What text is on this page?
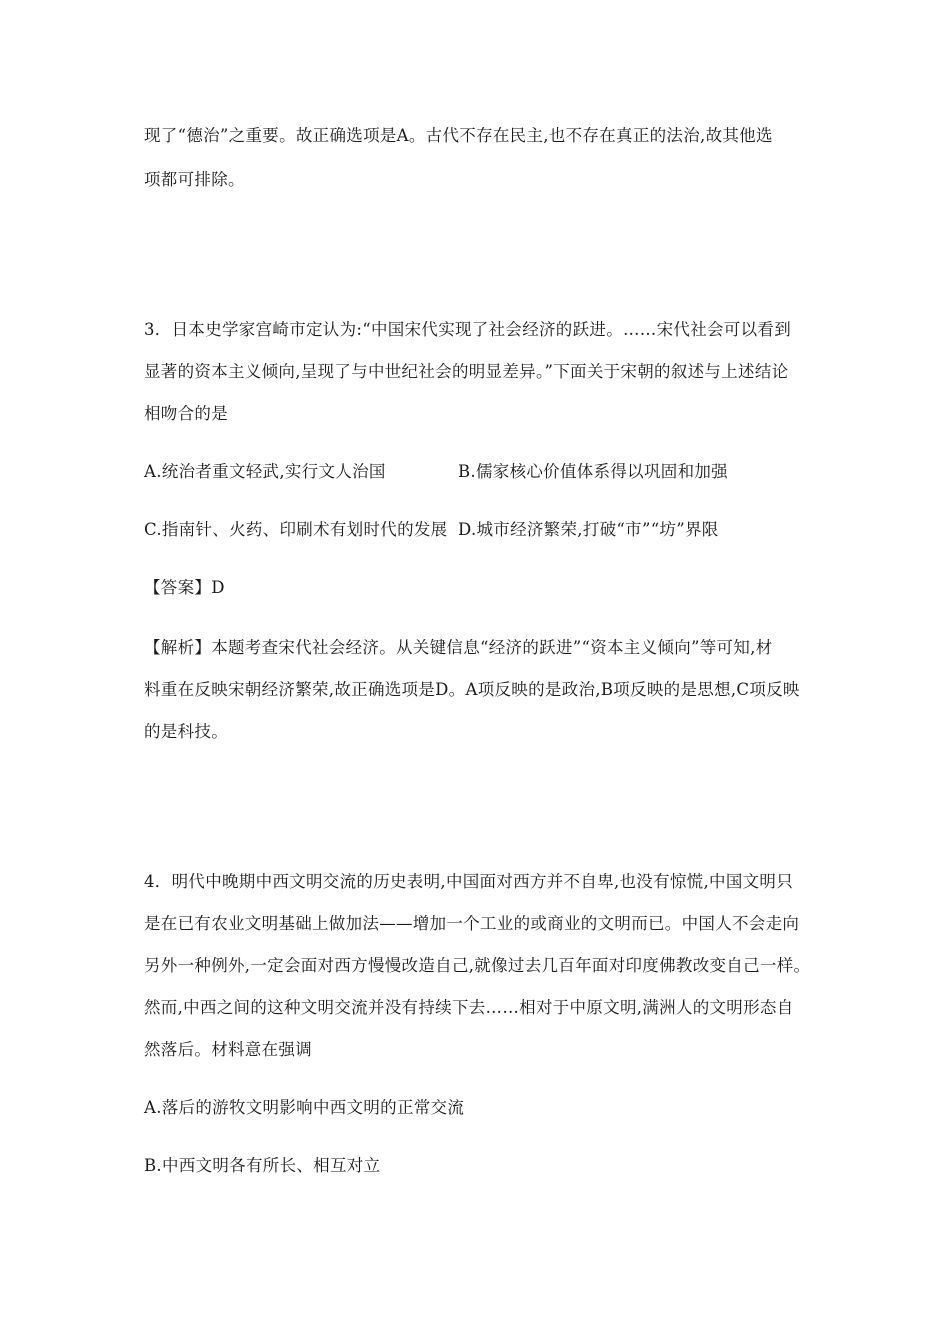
现了“德治”之重要。故正确选项是A。古代不存在民主,也不存在真正的法治,故其他选
项都可排除。
3．日本史学家宫崎市定认为:“中国宋代实现了社会经济的跃进。……宋代社会可以看到
显著的资本主义倾向,呈现了与中世纪社会的明显差异。”下面关于宋朝的叙述与上述结论
相吻合的是
A.统治者重文轻武,实行文人治国	B.儒家核心价值体系得以巩固和加强
C.指南针、火药、印刷术有划时代的发展 D.城市经济繁荣,打破“市”“坊”界限
【答案】D
【解析】本题考查宋代社会经济。从关键信息“经济的跃进”“资本主义倾向”等可知,材
料重在反映宋朝经济繁荣,故正确选项是D。A项反映的是政治,B项反映的是思想,C项反映
的是科技。
4．明代中晚期中西文明交流的历史表明,中国面对西方并不自卑,也没有惊慌,中国文明只
是在已有农业文明基础上做加法——增加一个工业的或商业的文明而已。中国人不会走向
另外一种例外,一定会面对西方慢慢改造自己,就像过去几百年面对印度佛教改变自己一样。
然而,中西之间的这种文明交流并没有持续下去……相对于中原文明,满洲人的文明形态自
然落后。材料意在强调
A.落后的游牧文明影响中西文明的正常交流
B.中西文明各有所长、相互对立
